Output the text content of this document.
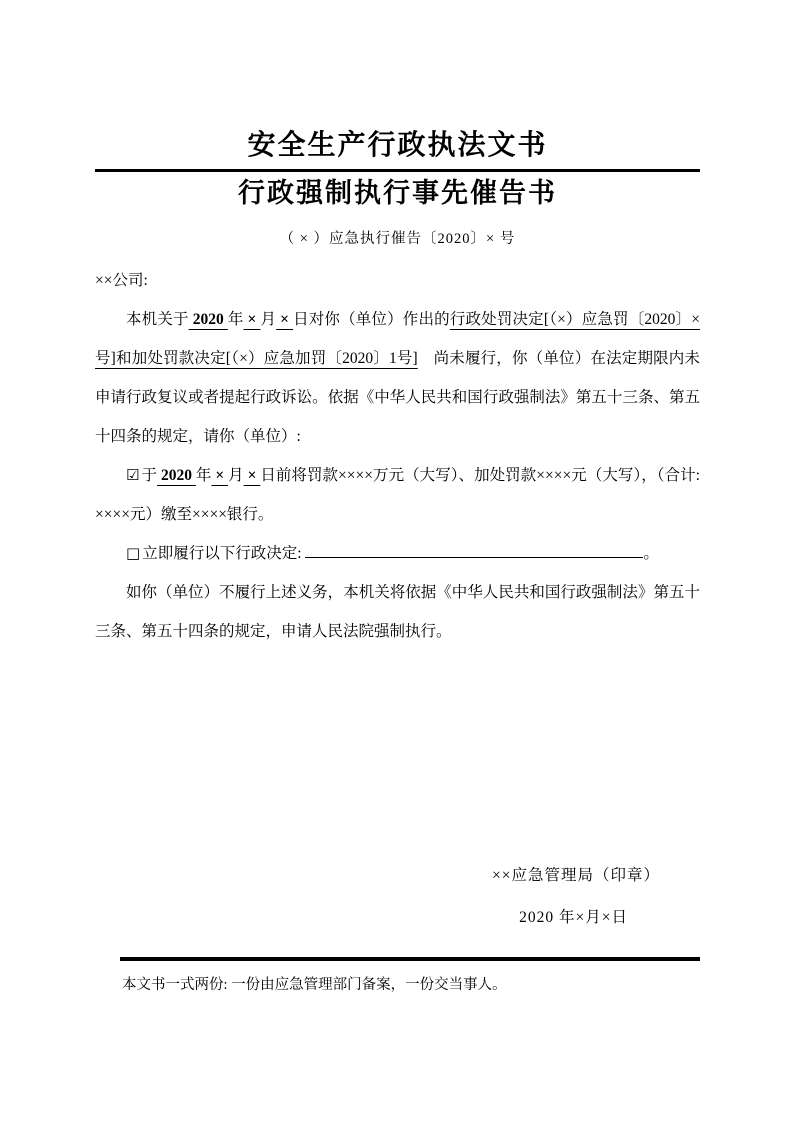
安全生产行政执法文书
行政强制执行事先催告书
（ × ）应急执行催告〔2020〕× 号
××公司:

本机关于 2020 年 × 月 × 日对你（单位）作出的行政处罚决定[（×）应急罚〔2020〕×号]和加处罚款决定[（×）应急加罚〔2020〕1号]　尚未履行，你（单位）在法定期限内未申请行政复议或者提起行政诉讼。依据《中华人民共和国行政强制法》第五十三条、第五十四条的规定，请你（单位）:

☑ 于 2020 年 × 月 × 日前将罚款××××万元（大写）、加处罚款××××元（大写），（合计: ××××元）缴至××××银行。

□ 立即履行以下行政决定:	。

如你（单位）不履行上述义务，本机关将依据《中华人民共和国行政强制法》第五十三条、第五十四条的规定，申请人民法院强制执行。

××应急管理局（印章）
2020 年×月×日
本文书一式两份: 一份由应急管理部门备案，一份交当事人。
